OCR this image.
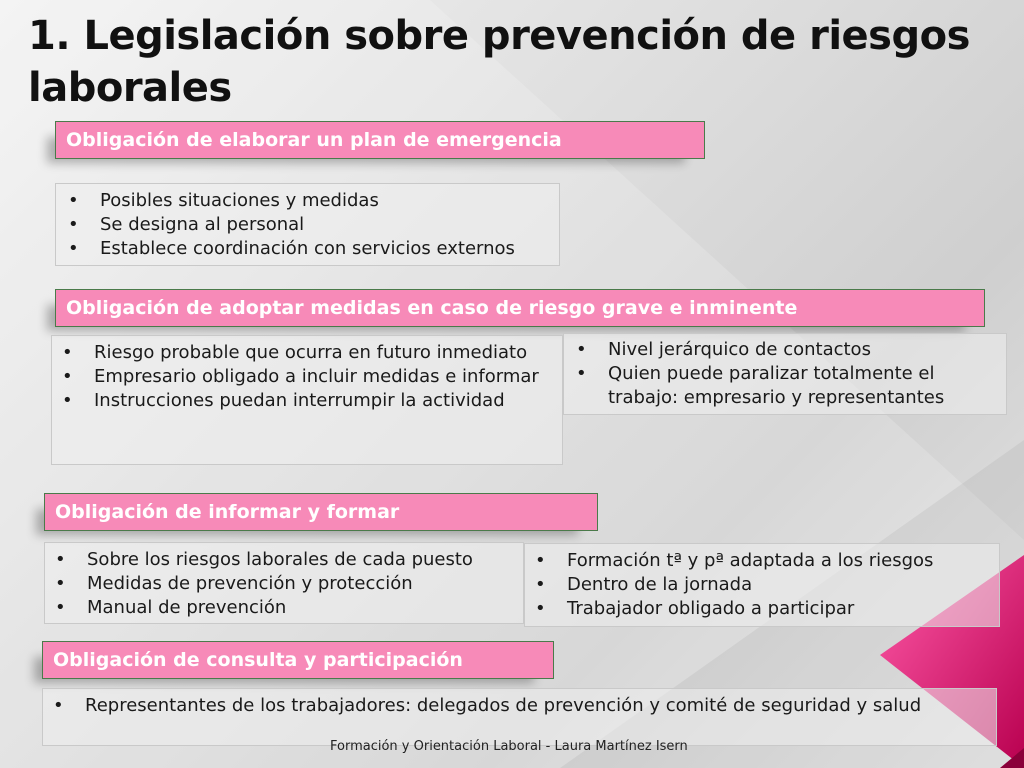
1. Legislación sobre prevención de riesgos laborales
Obligación de elaborar un plan de emergencia
• Posibles situaciones y medidas
• Se designa al personal
• Establece coordinación con servicios externos
Obligación de adoptar medidas en caso de riesgo grave e inminente
• Riesgo probable que ocurra en futuro inmediato
• Empresario obligado a incluir medidas e informar
• Instrucciones puedan interrumpir la actividad
• Nivel jerárquico de contactos
• Quien puede paralizar totalmente el trabajo: empresario y representantes
Obligación de informar y formar
• Sobre los riesgos laborales de cada puesto
• Medidas de prevención y protección
• Manual de prevención
• Formación tª y pª adaptada a los riesgos
• Dentro de la jornada
• Trabajador obligado a participar
Obligación de consulta y participación
• Representantes de los trabajadores: delegados de prevención y comité de seguridad y salud
Formación y Orientación Laboral - Laura Martínez Isern
